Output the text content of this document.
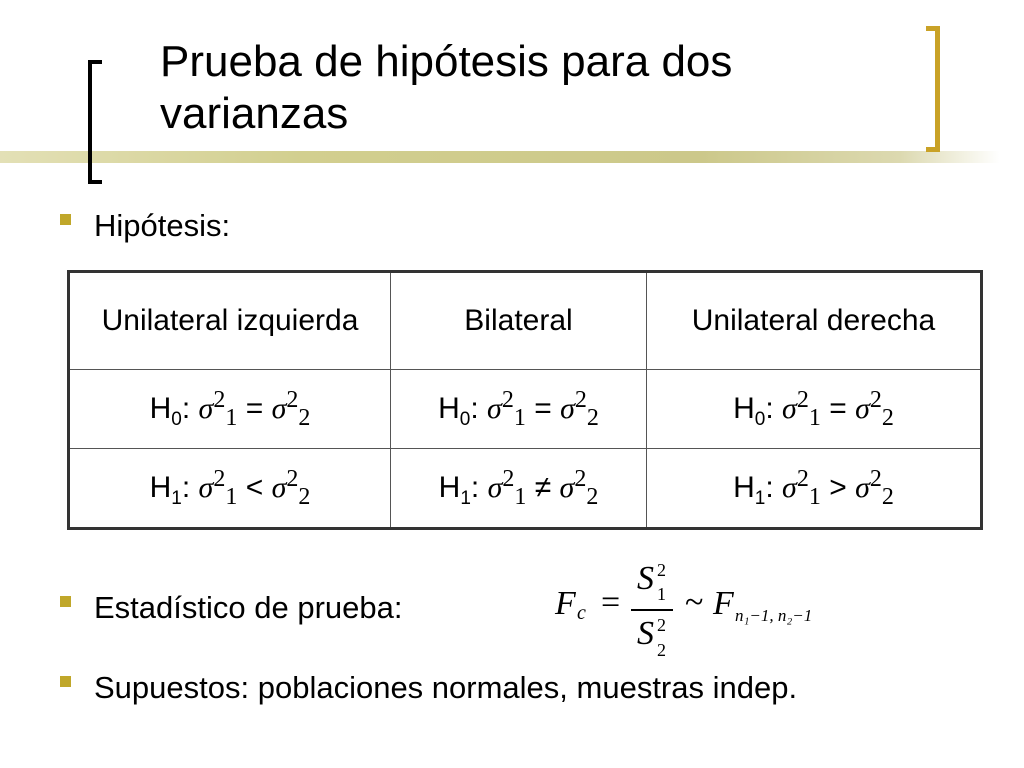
Prueba de hipótesis para dos varianzas
Hipótesis:
Unilateral izquierda	Bilateral	Unilateral derecha
$H_0$: $\sigma^2_1 = \sigma^2_2$	$H_0$: $\sigma^2_1 = \sigma^2_2$	$H_0$: $\sigma^2_1 = \sigma^2_2$
$H_1$: $\sigma^2_1 < \sigma^2_2$	$H_1$: $\sigma^2_1 \ne \sigma^2_2$	$H_1$: $\sigma^2_1 > \sigma^2_2$
Estadístico de prueba:
Supuestos: poblaciones normales, muestras indep.
F c =
S 2
1
S 2
2
~ F n₁−1, n₂−1
